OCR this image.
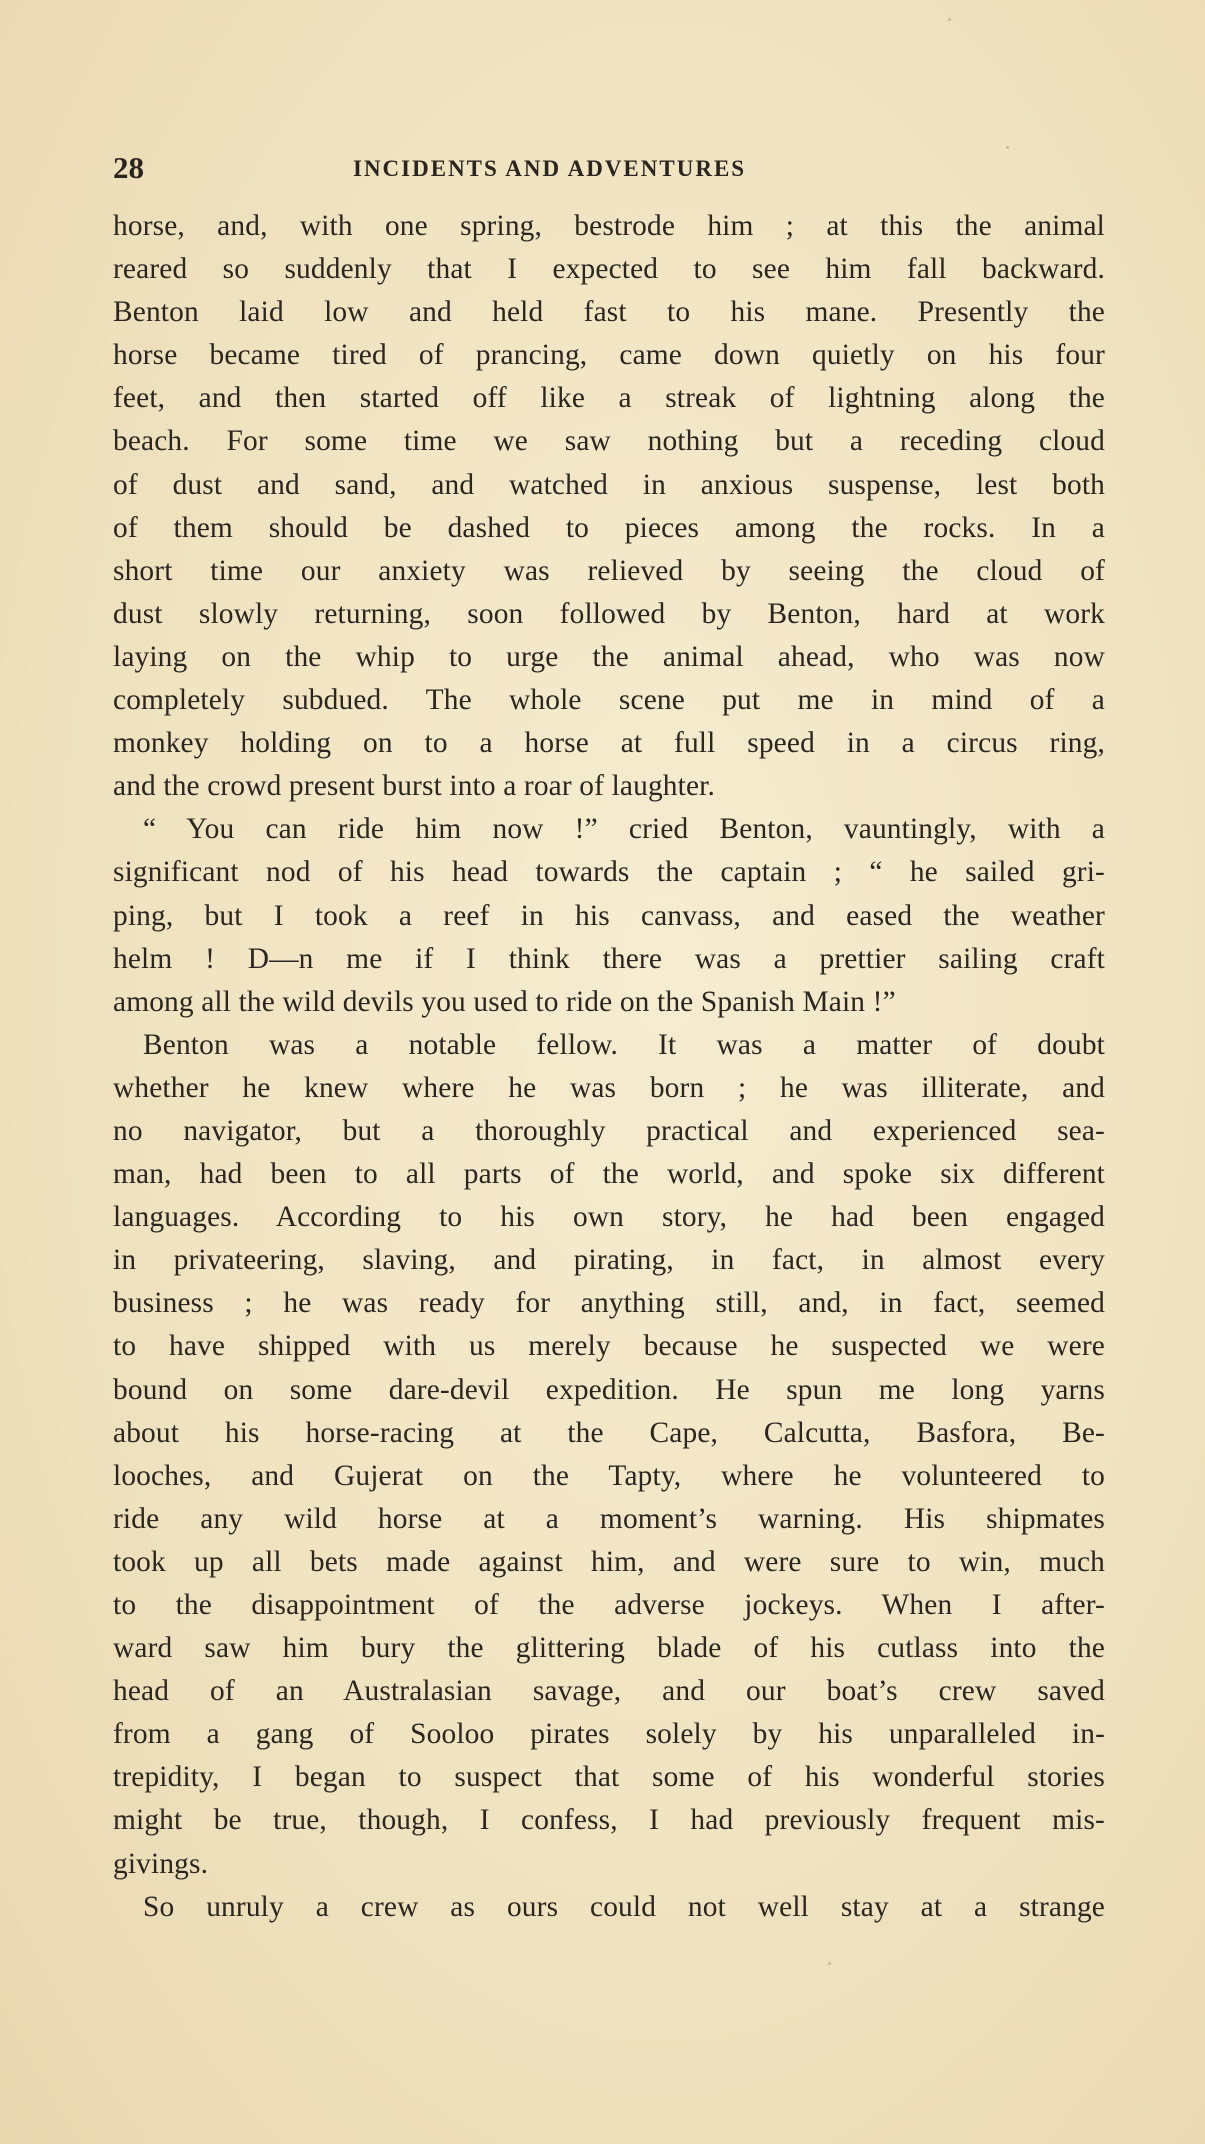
28	INCIDENTS AND ADVENTURES
horse, and, with one spring, bestrode him ; at this the animal
reared so suddenly that I expected to see him fall backward.
Benton laid low and held fast to his mane. Presently the
horse became tired of prancing, came down quietly on his four
feet, and then started off like a streak of lightning along the
beach. For some time we saw nothing but a receding cloud
of dust and sand, and watched in anxious suspense, lest both
of them should be dashed to pieces among the rocks. In a
short time our anxiety was relieved by seeing the cloud of
dust slowly returning, soon followed by Benton, hard at work
laying on the whip to urge the animal ahead, who was now
completely subdued. The whole scene put me in mind of a
monkey holding on to a horse at full speed in a circus ring,
and the crowd present burst into a roar of laughter.
“ You can ride him now !” cried Benton, vauntingly, with a
significant nod of his head towards the captain ; “ he sailed gri-
ping, but I took a reef in his canvass, and eased the weather
helm ! D—n me if I think there was a prettier sailing craft
among all the wild devils you used to ride on the Spanish Main !”
Benton was a notable fellow. It was a matter of doubt
whether he knew where he was born ; he was illiterate, and
no navigator, but a thoroughly practical and experienced sea-
man, had been to all parts of the world, and spoke six different
languages. According to his own story, he had been engaged
in privateering, slaving, and pirating, in fact, in almost every
business ; he was ready for anything still, and, in fact, seemed
to have shipped with us merely because he suspected we were
bound on some dare-devil expedition. He spun me long yarns
about his horse-racing at the Cape, Calcutta, Basfora, Be-
looches, and Gujerat on the Tapty, where he volunteered to
ride any wild horse at a moment’s warning. His shipmates
took up all bets made against him, and were sure to win, much
to the disappointment of the adverse jockeys. When I after-
ward saw him bury the glittering blade of his cutlass into the
head of an Australasian savage, and our boat’s crew saved
from a gang of Sooloo pirates solely by his unparalleled in-
trepidity, I began to suspect that some of his wonderful stories
might be true, though, I confess, I had previously frequent mis-
givings.
So unruly a crew as ours could not well stay at a strange
